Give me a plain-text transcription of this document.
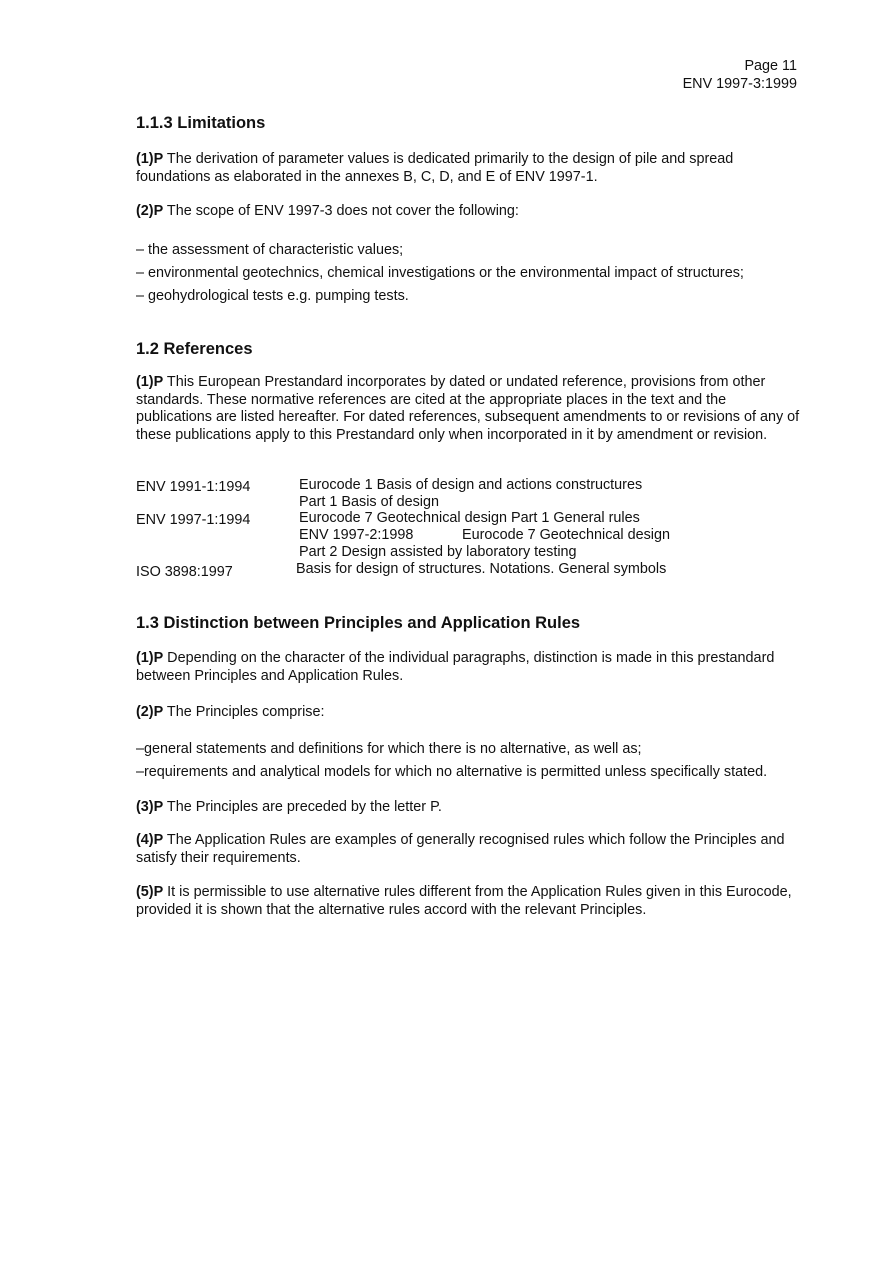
Page 11
ENV 1997-3:1999
1.1.3 Limitations
(1)P The derivation of parameter values is dedicated primarily to the design of pile and spread foundations as elaborated in the annexes B, C, D, and E of ENV 1997-1.
(2)P The scope of ENV 1997-3 does not cover the following:
– the assessment of characteristic values;
– environmental geotechnics, chemical investigations or the environmental impact of structures;
– geohydrological tests e.g. pumping tests.
1.2 References
(1)P This European Prestandard incorporates by dated or undated reference, provisions from other standards. These normative references are cited at the appropriate places in the text and the publications are listed hereafter. For dated references, subsequent amendments to or revisions of any of these publications apply to this Prestandard only when incorporated in it by amendment or revision.
ENV 1991-1:1994	Eurocode 1 Basis of design and actions constructures
Part 1 Basis of design
ENV 1997-1:1994	Eurocode 7 Geotechnical design Part 1 General rules
ENV 1997-2:1998	Eurocode 7 Geotechnical design
Part 2 Design assisted by laboratory testing
ISO 3898:1997	Basis for design of structures. Notations. General symbols
1.3 Distinction between Principles and Application Rules
(1)P Depending on the character of the individual paragraphs, distinction is made in this prestandard between Principles and Application Rules.
(2)P The Principles comprise:
–general statements and definitions for which there is no alternative, as well as;
–requirements and analytical models for which no alternative is permitted unless specifically stated.
(3)P The Principles are preceded by the letter P.
(4)P The Application Rules are examples of generally recognised rules which follow the Principles and satisfy their requirements.
(5)P It is permissible to use alternative rules different from the Application Rules given in this Eurocode, provided it is shown that the alternative rules accord with the relevant Principles.
